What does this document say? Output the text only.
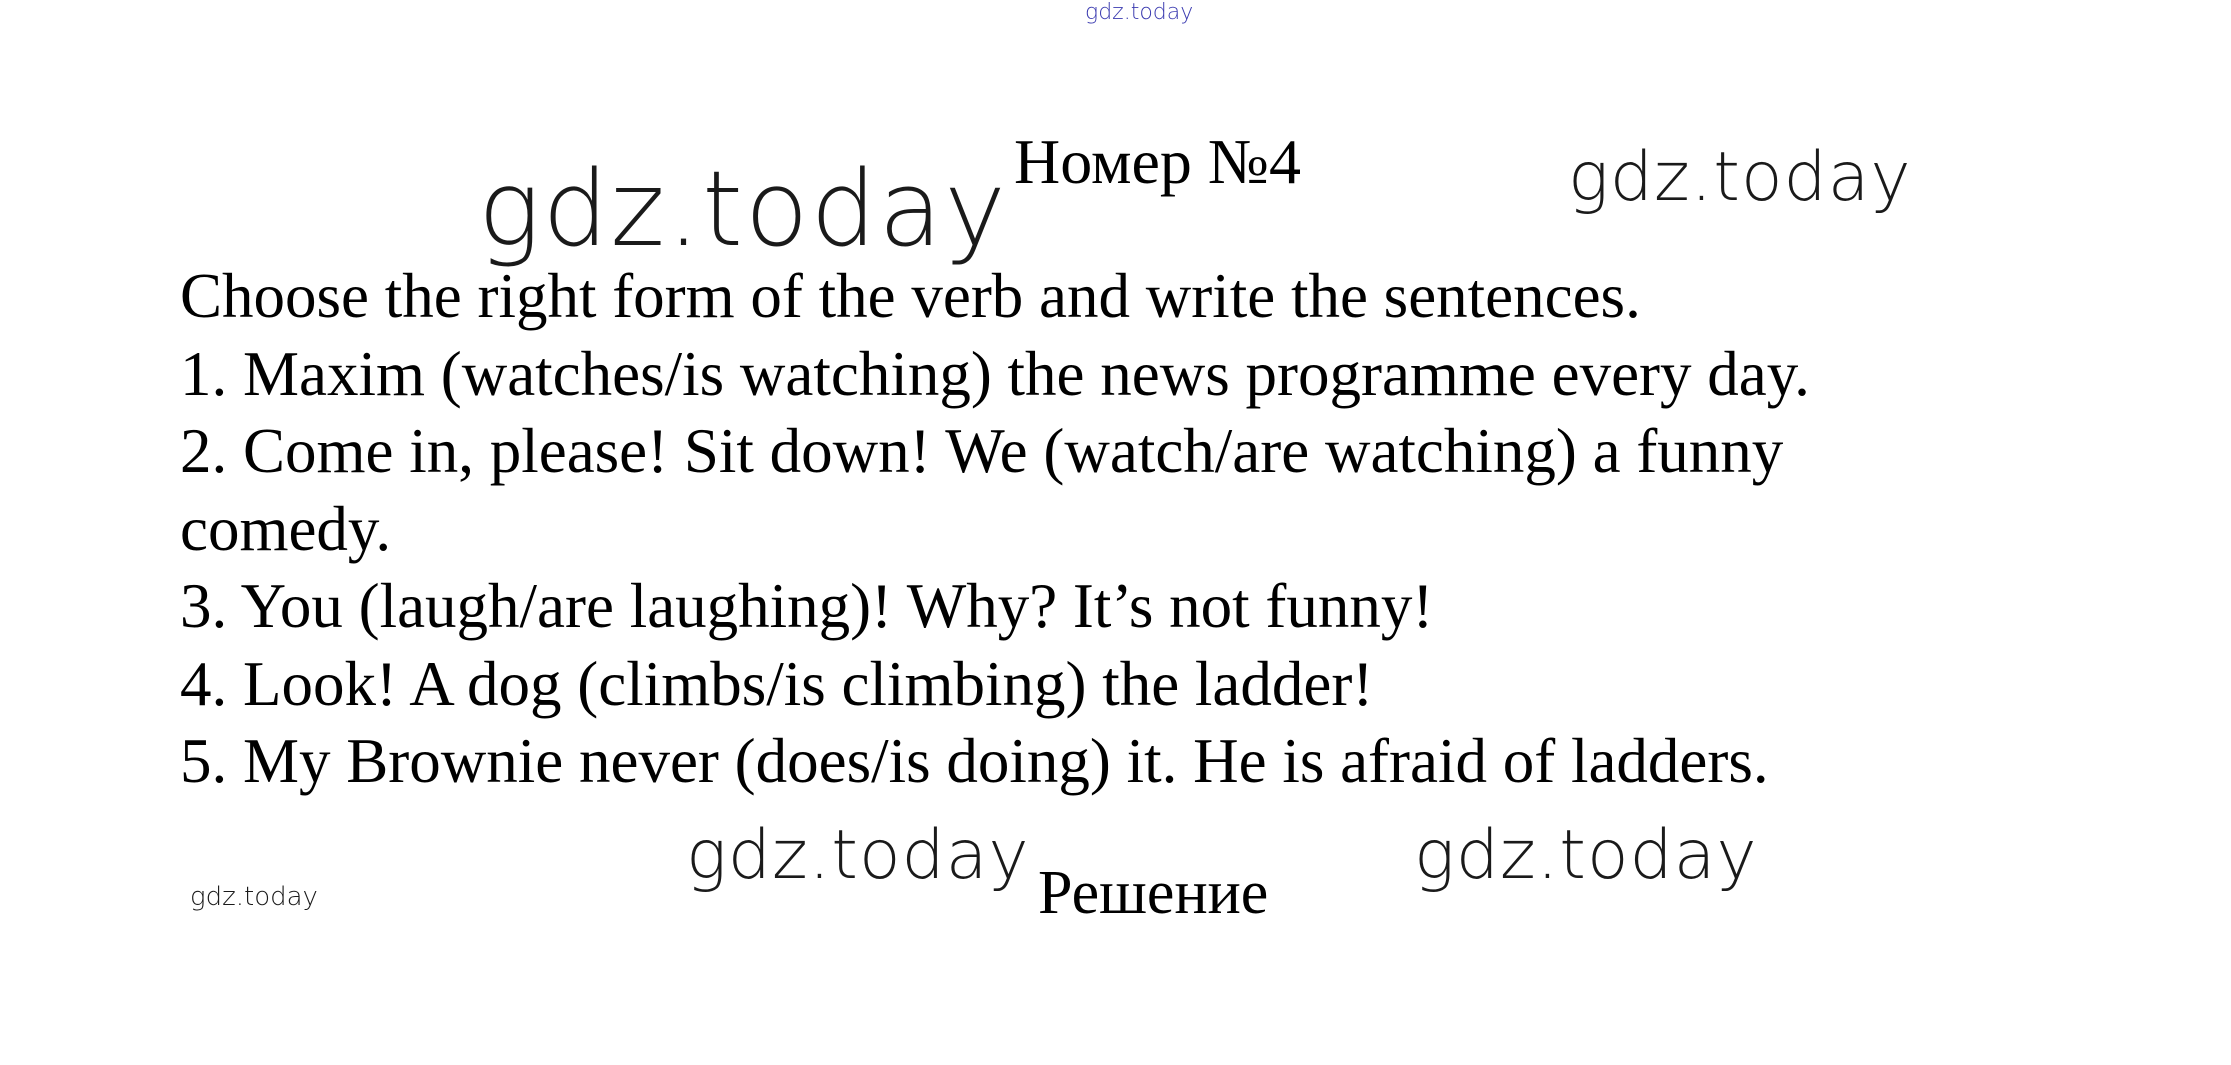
gdz.today
gdz.today	gdz.today
Номер №4
Choose the right form of the verb and write the sentences.
1. Maxim (watches/is watching) the news programme every day.
2. Come in, please! Sit down! We (watch/are watching) a funny
comedy.
3. You (laugh/are laughing)! Why? It’s not funny!
4. Look! A dog (climbs/is climbing) the ladder!
5. My Brownie never (does/is doing) it. He is afraid of ladders.
gdz.today	gdz.today
gdz.today	Решение
